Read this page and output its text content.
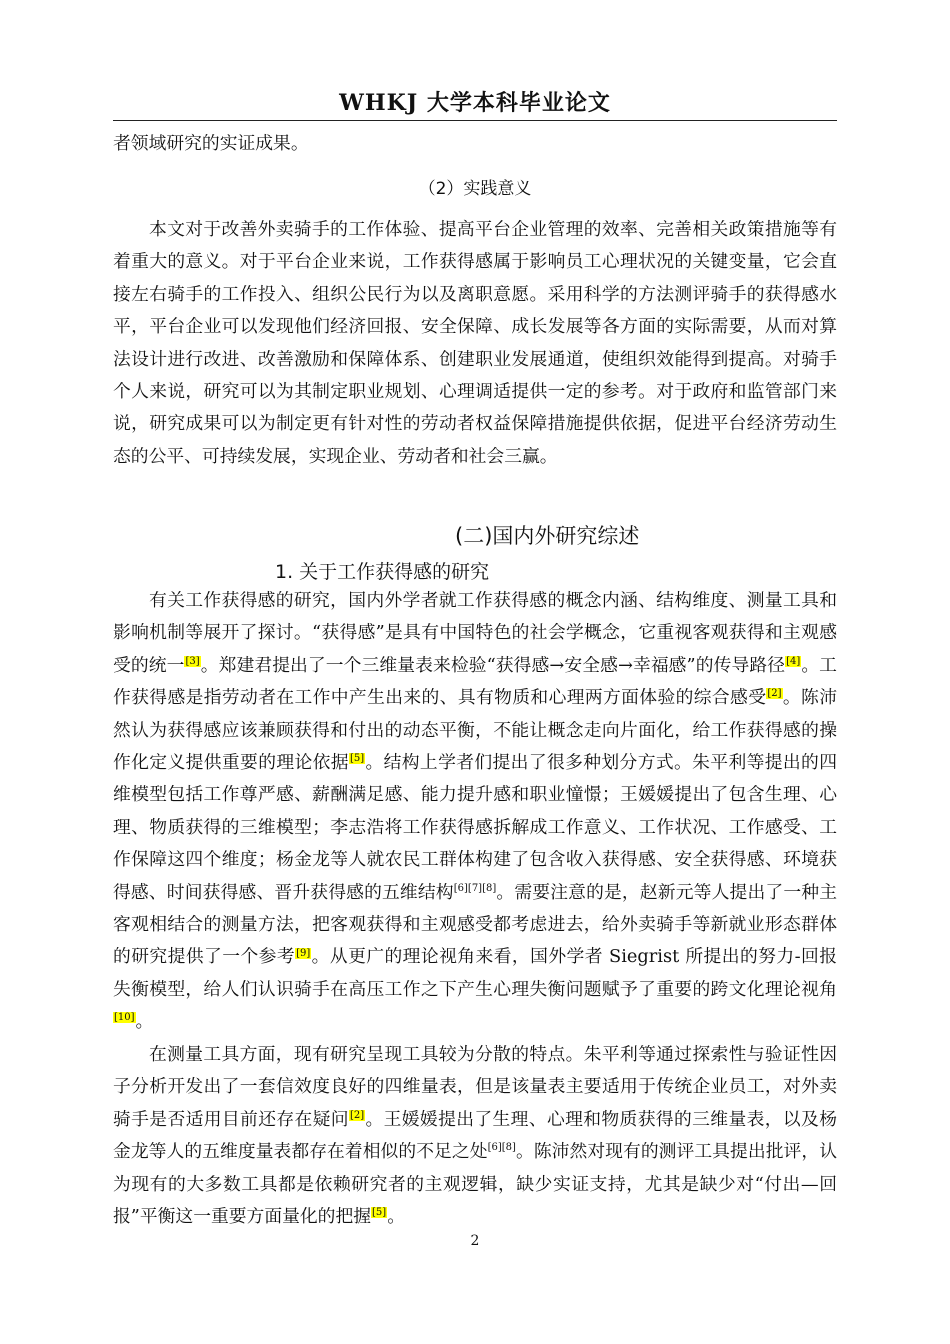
WHKJ 大学本科毕业论文

者领域研究的实证成果。

（2）实践意义

本文对于改善外卖骑手的工作体验、提高平台企业管理的效率、完善相关政策措施等有着重大的意义。对于平台企业来说，工作获得感属于影响员工心理状况的关键变量，它会直接左右骑手的工作投入、组织公民行为以及离职意愿。采用科学的方法测评骑手的获得感水平，平台企业可以发现他们经济回报、安全保障、成长发展等各方面的实际需要，从而对算法设计进行改进、改善激励和保障体系、创建职业发展通道，使组织效能得到提高。对骑手个人来说，研究可以为其制定职业规划、心理调适提供一定的参考。对于政府和监管部门来说，研究成果可以为制定更有针对性的劳动者权益保障措施提供依据，促进平台经济劳动生态的公平、可持续发展，实现企业、劳动者和社会三赢。

(二)国内外研究综述
1. 关于工作获得感的研究

有关工作获得感的研究，国内外学者就工作获得感的概念内涵、结构维度、测量工具和影响机制等展开了探讨。“获得感”是具有中国特色的社会学概念，它重视客观获得和主观感受的统一[3]。郑建君提出了一个三维量表来检验“获得感→安全感→幸福感”的传导路径[4]。工作获得感是指劳动者在工作中产生出来的、具有物质和心理两方面体验的综合感受[2]。陈沛然认为获得感应该兼顾获得和付出的动态平衡，不能让概念走向片面化，给工作获得感的操作化定义提供重要的理论依据[5]。结构上学者们提出了很多种划分方式。朱平利等提出的四维模型包括工作尊严感、薪酬满足感、能力提升感和职业憧憬；王媛媛提出了包含生理、心理、物质获得的三维模型；李志浩将工作获得感拆解成工作意义、工作状况、工作感受、工作保障这四个维度；杨金龙等人就农民工群体构建了包含收入获得感、安全获得感、环境获得感、时间获得感、晋升获得感的五维结构[6][7][8]。需要注意的是，赵新元等人提出了一种主客观相结合的测量方法，把客观获得和主观感受都考虑进去，给外卖骑手等新就业形态群体的研究提供了一个参考[9]。从更广的理论视角来看，国外学者 Siegrist 所提出的努力-回报失衡模型，给人们认识骑手在高压工作之下产生心理失衡问题赋予了重要的跨文化理论视角[10]。

在测量工具方面，现有研究呈现工具较为分散的特点。朱平利等通过探索性与验证性因子分析开发出了一套信效度良好的四维量表，但是该量表主要适用于传统企业员工，对外卖骑手是否适用目前还存在疑问[2]。王媛媛提出了生理、心理和物质获得的三维量表，以及杨金龙等人的五维度量表都存在着相似的不足之处[6][8]。陈沛然对现有的测评工具提出批评，认为现有的大多数工具都是依赖研究者的主观逻辑，缺少实证支持，尤其是缺少对“付出—回报”平衡这一重要方面量化的把握[5]。

2
